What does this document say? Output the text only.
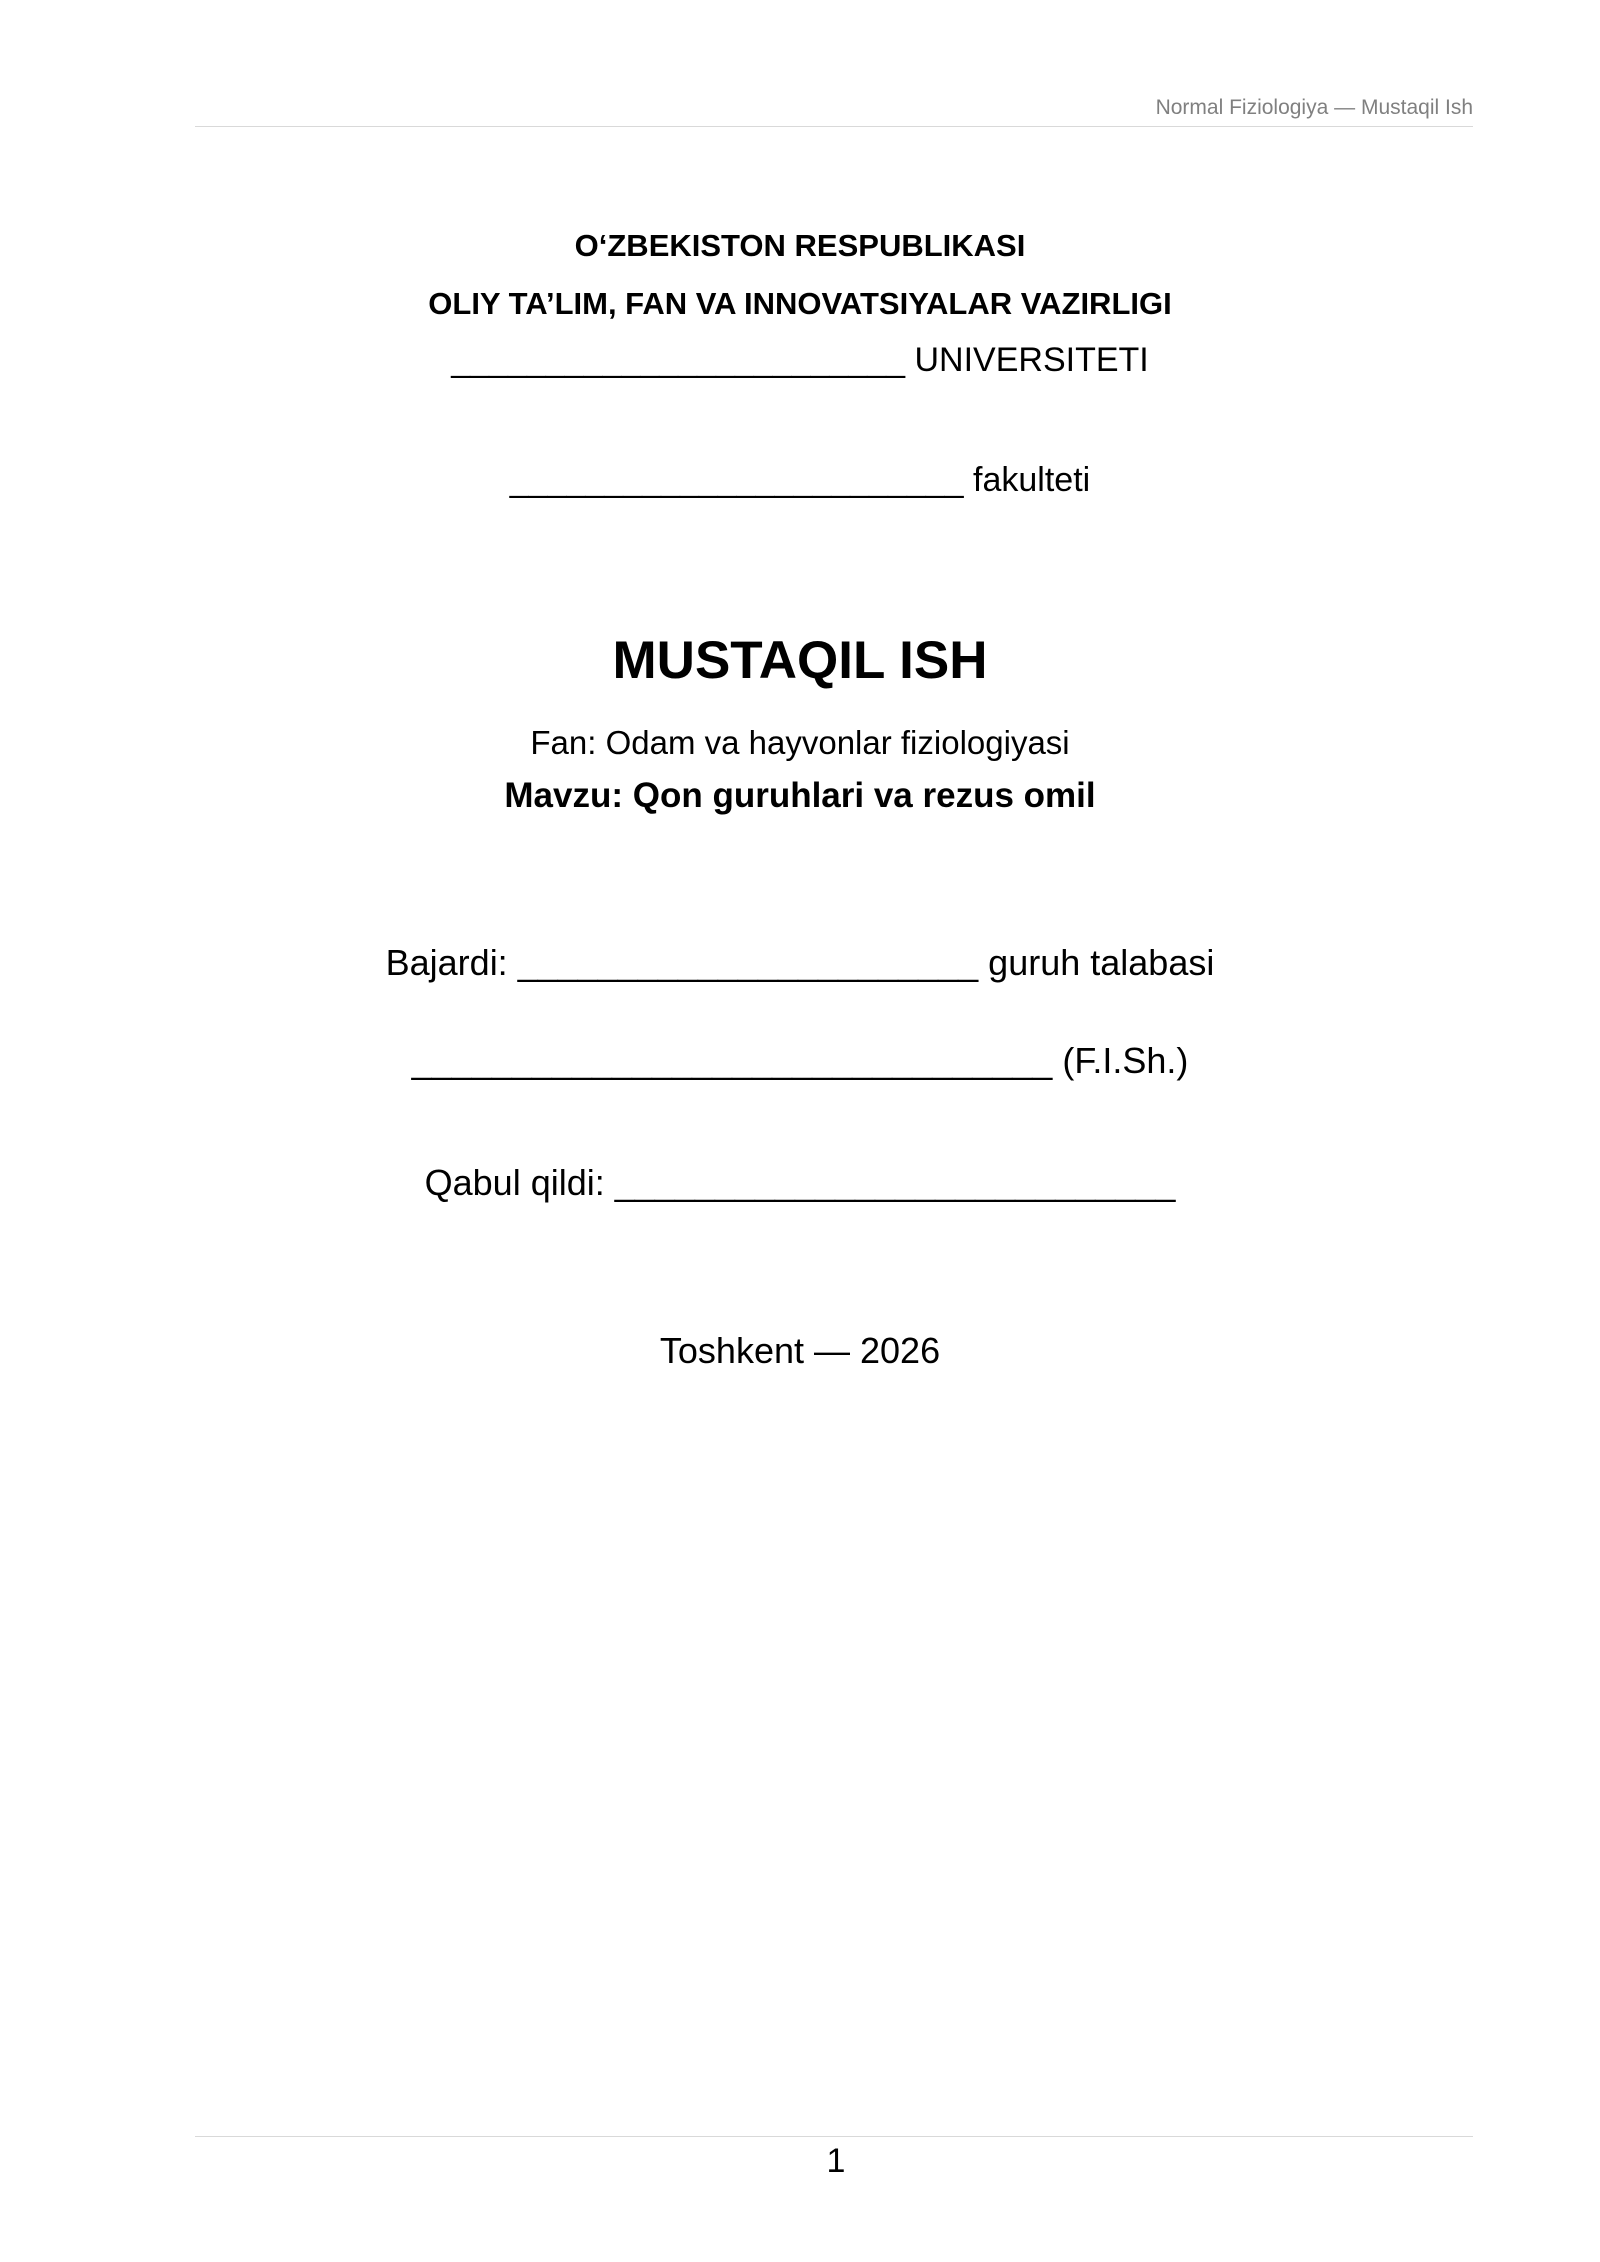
Normal Fiziologiya — Mustaqil Ish
O‘ZBEKISTON RESPUBLIKASI
OLIY TA’LIM, FAN VA INNOVATSIYALAR VAZIRLIGI
________________________ UNIVERSITETI
________________________ fakulteti
MUSTAQIL ISH
Fan: Odam va hayvonlar fiziologiyasi
Mavzu: Qon guruhlari va rezus omil
Bajardi: _______________________ guruh talabasi
________________________________ (F.I.Sh.)
Qabul qildi: ____________________________
Toshkent — 2026
1
